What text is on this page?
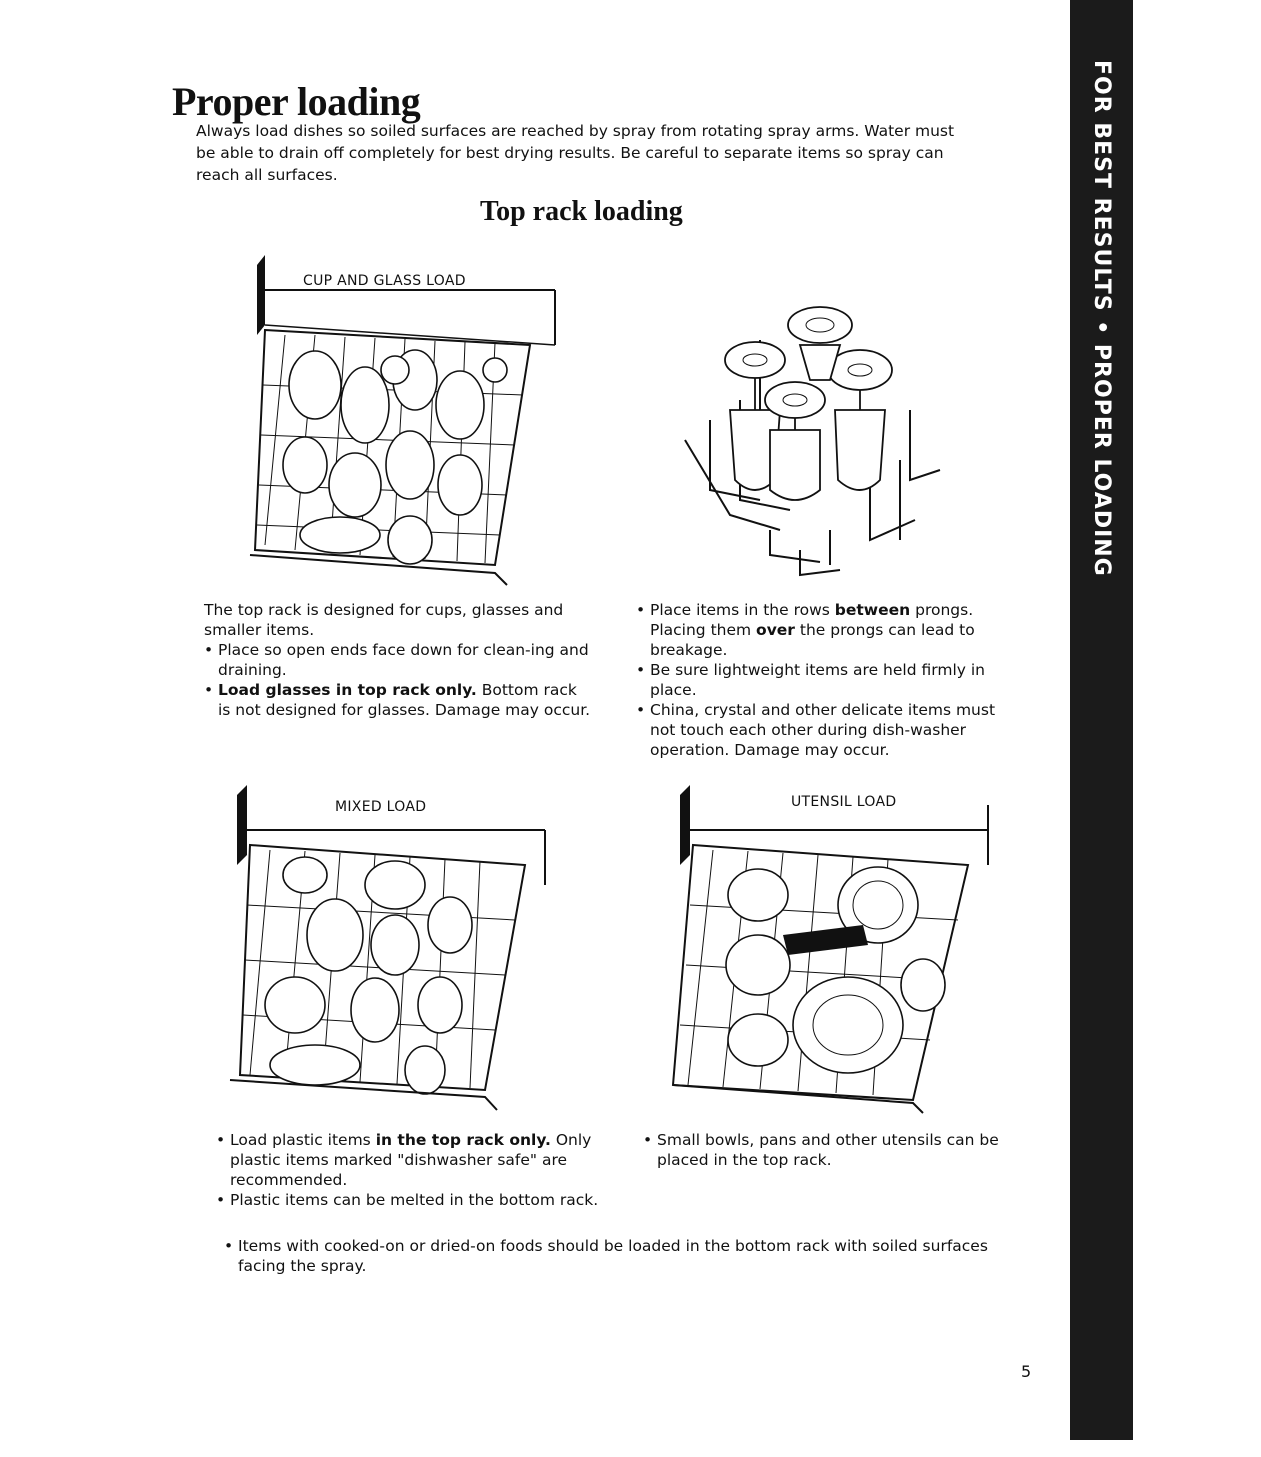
Proper loading

Always load dishes so soiled surfaces are reached by spray from rotating spray arms. Water must be able to drain off completely for best drying results. Be careful to separate items so spray can reach all surfaces.

Top rack loading
CUP AND GLASS LOAD

The top rack is designed for cups, glasses and smaller items.

• Place so open ends face down for clean-ing and draining.
• Load glasses in top rack only. Bottom rack is not designed for glasses. Damage may occur.
• Place items in the rows between prongs. Placing them over the prongs can lead to breakage.
• Be sure lightweight items are held firmly in place.
• China, crystal and other delicate items must not touch each other during dish-washer operation. Damage may occur.
MIXED LOAD	UTENSIL LOAD
• Load plastic items in the top rack only. Only plastic items marked "dishwasher safe" are recommended.
• Plastic items can be melted in the bottom rack.
• Small bowls, pans and other utensils can be placed in the top rack.
• Items with cooked-on or dried-on foods should be loaded in the bottom rack with soiled surfaces facing the spray.
FOR BEST RESULTS • PROPER LOADING
5
